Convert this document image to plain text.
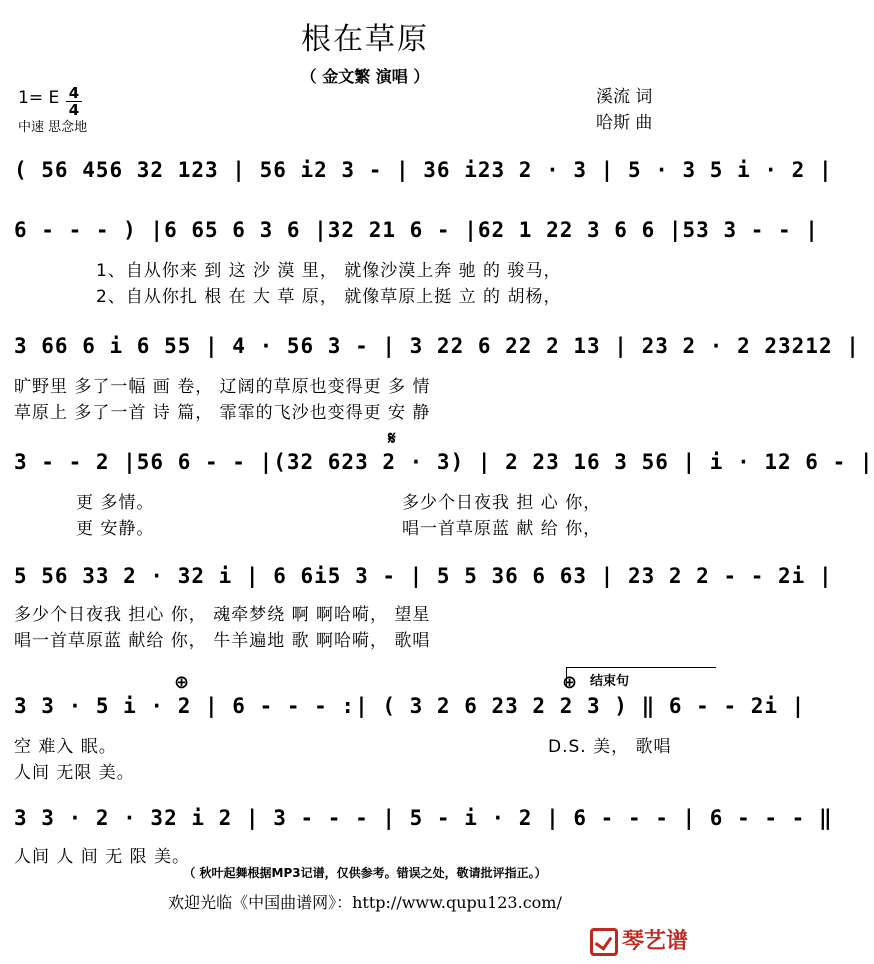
根在草原
（ 金文繁 演唱 ）
1= E 4
4
中速 思念地
溪流 词
哈斯 曲
( 56 456 32 123 | 56 i2 3 - | 36 i23 2 · 3 | 5 · 3 5 i · 2 |
6 - - - ) |6 65 6 3 6 |32 21 6 - |62 1 22 3 6 6 |53 3 - - |
1、自从你来 到 这 沙 漠 里， 就像沙漠上奔 驰 的 骏马，
2、自从你扎 根 在 大 草 原， 就像草原上挺 立 的 胡杨，
3 66 6 i 6 55 | 4 · 56 3 - | 3 22 6 22 2 13 | 23 2 · 2 23212 |
旷野里 多了一幅 画 卷， 辽阔的草原也变得更 多 情
草原上 多了一首 诗 篇， 霏霏的飞沙也变得更 安 静
𝄋
3 - - 2 |56 6 - - |(32 623 2 · 3) | 2 23 16 3 56 | i · 12 6 - |
更 多情。
更 安静。
多少个日夜我 担 心 你，
唱一首草原蓝 献 给 你，
5 56 33 2 · 32 i | 6 6i5 3 - | 5 5 36 6 63 | 23 2 2 - - 2i |
多少个日夜我 担心 你， 魂牵梦绕 啊 啊哈嗬， 望星
唱一首草原蓝 献给 你， 牛羊遍地 歌 啊哈嗬， 歌唱
⊕	⊕ 结束句
3 3 · 5 i · 2 | 6 - - - :| ( 3 2 6 23 2 2 3 ) ‖ 6 - - 2i |
空 难入 眠。
人间 无限 美。
D.S. 美， 歌唱
3 3 · 2 · 32 i 2 | 3 - - - | 5 - i · 2 | 6 - - - | 6 - - - ‖
人间 人 间 无 限 美。
（ 秋叶起舞根据MP3记谱，仅供参考。错误之处，敬请批评指正。）
欢迎光临《中国曲谱网》：http://www.qupu123.com/
琴艺谱
